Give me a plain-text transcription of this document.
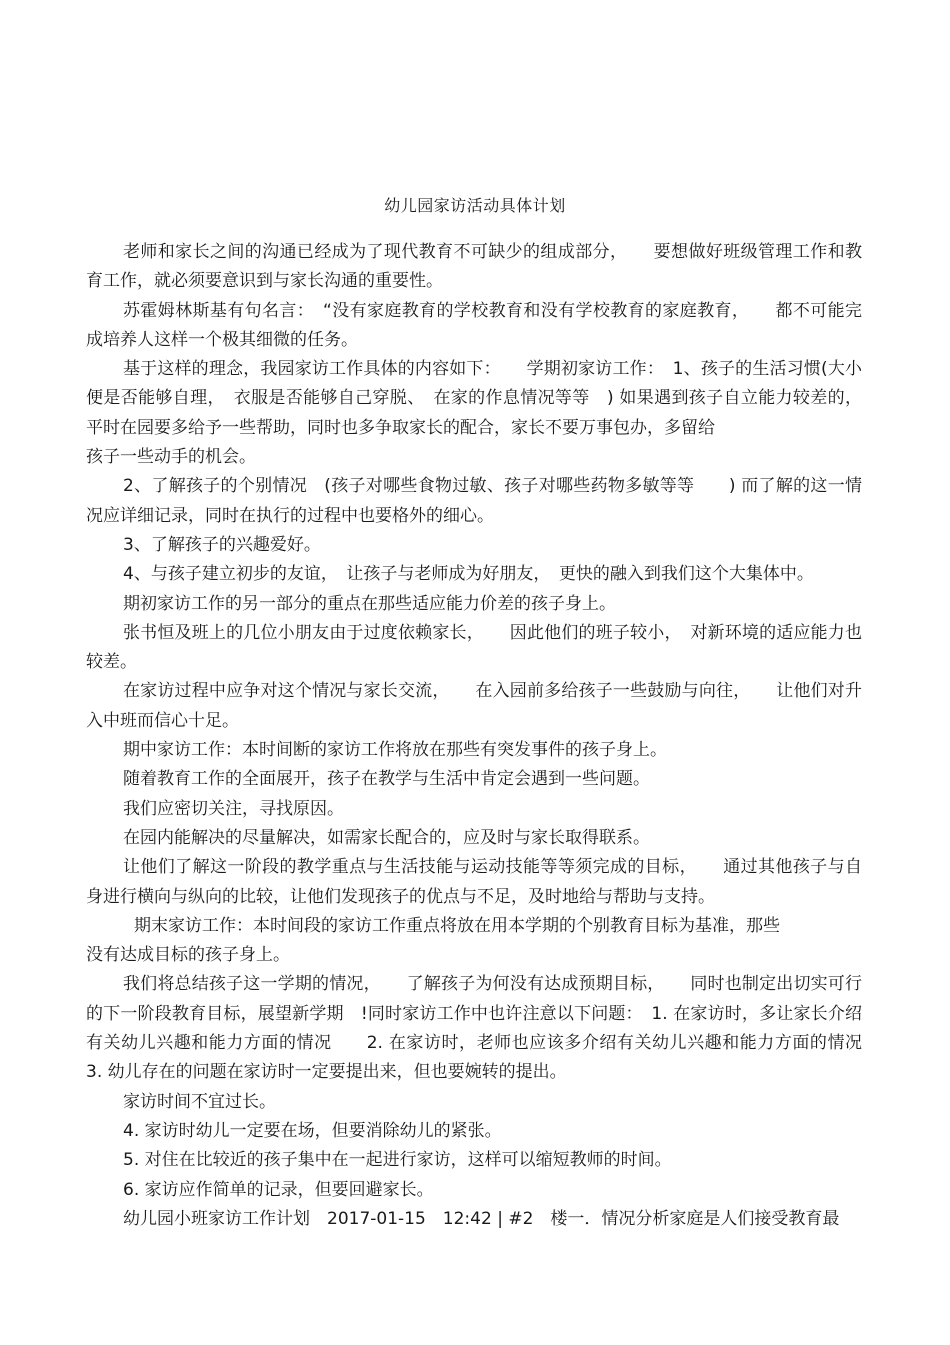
幼儿园家访活动具体计划

老师和家长之间的沟通已经成为了现代教育不可缺少的组成部分，　　要想做好班级管理工作和教育工作，就必须要意识到与家长沟通的重要性。

苏霍姆林斯基有句名言：　“没有家庭教育的学校教育和没有学校教育的家庭教育，　　都不可能完成培养人这样一个极其细微的任务。

基于这样的理念，我园家访工作具体的内容如下：　　学期初家访工作：　1、孩子的生活习惯(大小便是否能够自理，　衣服是否能够自己穿脱、　在家的作息情况等等　) 如果遇到孩子自立能力较差的，平时在园要多给予一些帮助，同时也多争取家长的配合，家长不要万事包办，多留给

孩子一些动手的机会。

2、了解孩子的个别情况　(孩子对哪些食物过敏、孩子对哪些药物多敏等等　　) 而了解的这一情况应详细记录，同时在执行的过程中也要格外的细心。

3、了解孩子的兴趣爱好。

4、与孩子建立初步的友谊，　让孩子与老师成为好朋友，　更快的融入到我们这个大集体中。

期初家访工作的另一部分的重点在那些适应能力价差的孩子身上。

张书恒及班上的几位小朋友由于过度依赖家长，　　因此他们的班子较小，　对新环境的适应能力也较差。

在家访过程中应争对这个情况与家长交流，　　在入园前多给孩子一些鼓励与向往，　　让他们对升入中班而信心十足。

期中家访工作：本时间断的家访工作将放在那些有突发事件的孩子身上。

随着教育工作的全面展开，孩子在教学与生活中肯定会遇到一些问题。

我们应密切关注，寻找原因。

在园内能解决的尽量解决，如需家长配合的，应及时与家长取得联系。

让他们了解这一阶段的教学重点与生活技能与运动技能等等须完成的目标，　　通过其他孩子与自身进行横向与纵向的比较，让他们发现孩子的优点与不足，及时地给与帮助与支持。

期末家访工作：本时间段的家访工作重点将放在用本学期的个别教育目标为基准，那些

没有达成目标的孩子身上。

我们将总结孩子这一学期的情况，　　了解孩子为何没有达成预期目标，　　同时也制定出切实可行的下一阶段教育目标，展望新学期　!同时家访工作中也许注意以下问题：　1. 在家访时，多让家长介绍有关幼儿兴趣和能力方面的情况　　2. 在家访时，老师也应该多介绍有关幼儿兴趣和能力方面的情况　3. 幼儿存在的问题在家访时一定要提出来，但也要婉转的提出。

家访时间不宜过长。

4. 家访时幼儿一定要在场，但要消除幼儿的紧张。

5. 对住在比较近的孩子集中在一起进行家访，这样可以缩短教师的时间。

6. 家访应作简单的记录，但要回避家长。

幼儿园小班家访工作计划　2017-01-15　12:42 | #2　楼一．情况分析家庭是人们接受教育最
